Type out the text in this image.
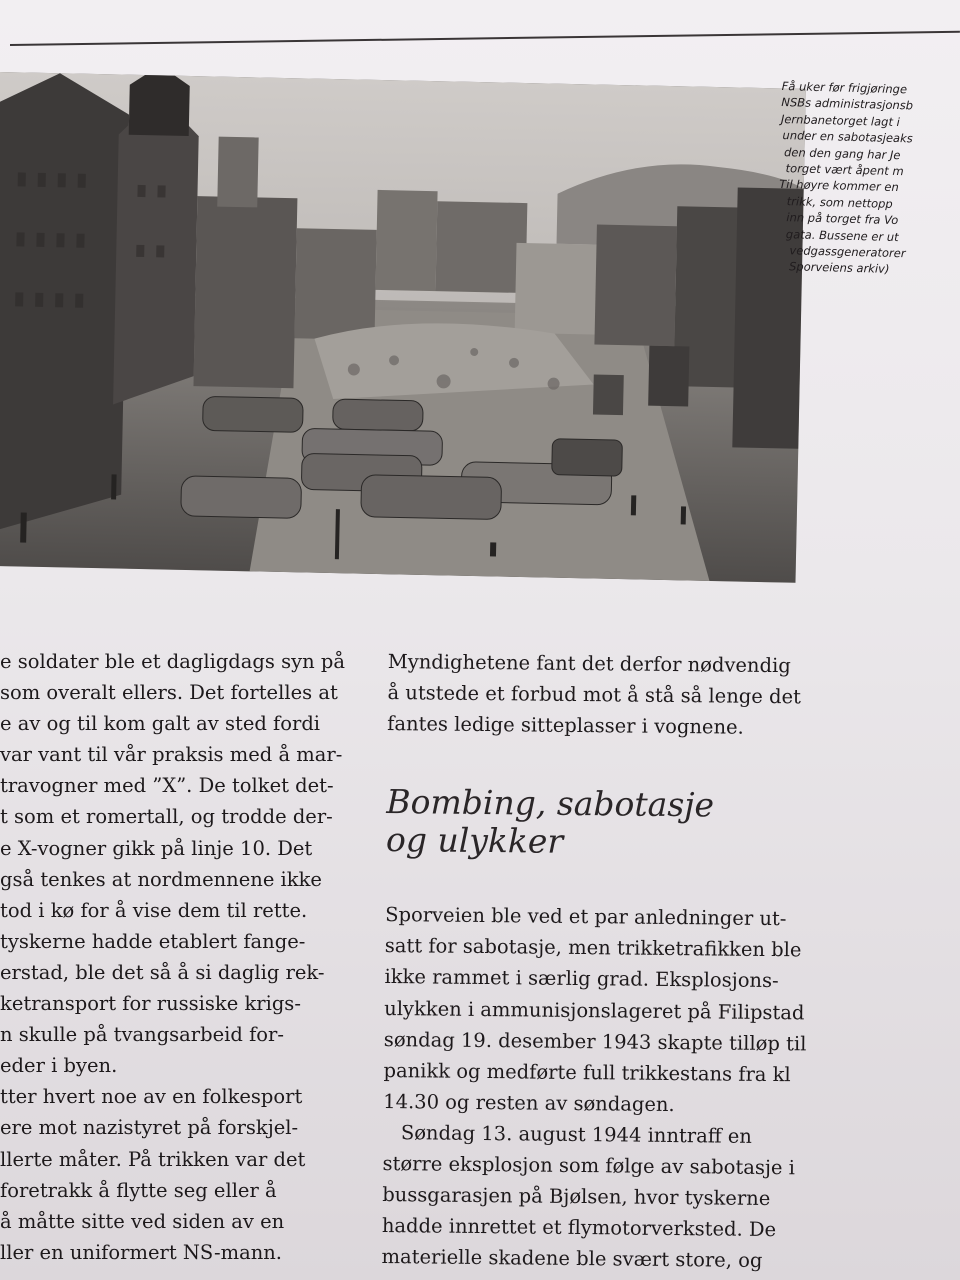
Få uker før frigjøringe
NSBs administrasjonsb
Jernbanetorget lagt i
under en sabotasjeaks
den den gang har Je
torget vært åpent m
Til høyre kommer en
trikk, som nettopp
inn på torget fra Vo
gata. Bussene er ut
vedgassgeneratorer
Sporveiens arkiv)
e soldater ble et dagligdags syn på
som overalt ellers. Det fortelles at
e av og til kom galt av sted fordi
var vant til vår praksis med å mar-
travogner med ”X”. De tolket det-
t som et romertall, og trodde der-
e X-vogner gikk på linje 10. Det
gså tenkes at nordmennene ikke
tod i kø for å vise dem til rette.
tyskerne hadde etablert fange-
erstad, ble det så å si daglig rek-
ketransport for russiske krigs-
n skulle på tvangsarbeid for-
eder i byen.
tter hvert noe av en folkesport
ere mot nazistyret på forskjel-
llerte måter. På trikken var det
foretrakk å flytte seg eller å
å måtte sitte ved siden av en
ller en uniformert NS-mann.
Myndighetene fant det derfor nødvendig
å utstede et forbud mot å stå så lenge det
fantes ledige sitteplasser i vognene.
Bombing, sabotasje
og ulykker
Sporveien ble ved et par anledninger ut-
satt for sabotasje, men trikketrafikken ble
ikke rammet i særlig grad. Eksplosjons-
ulykken i ammunisjonslageret på Filipstad
søndag 19. desember 1943 skapte tilløp til
panikk og medførte full trikkestans fra kl
14.30 og resten av søndagen.
Søndag 13. august 1944 inntraff en
større eksplosjon som følge av sabotasje i
bussgarasjen på Bjølsen, hvor tyskerne
hadde innrettet et flymotorverksted. De
materielle skadene ble svært store, og
